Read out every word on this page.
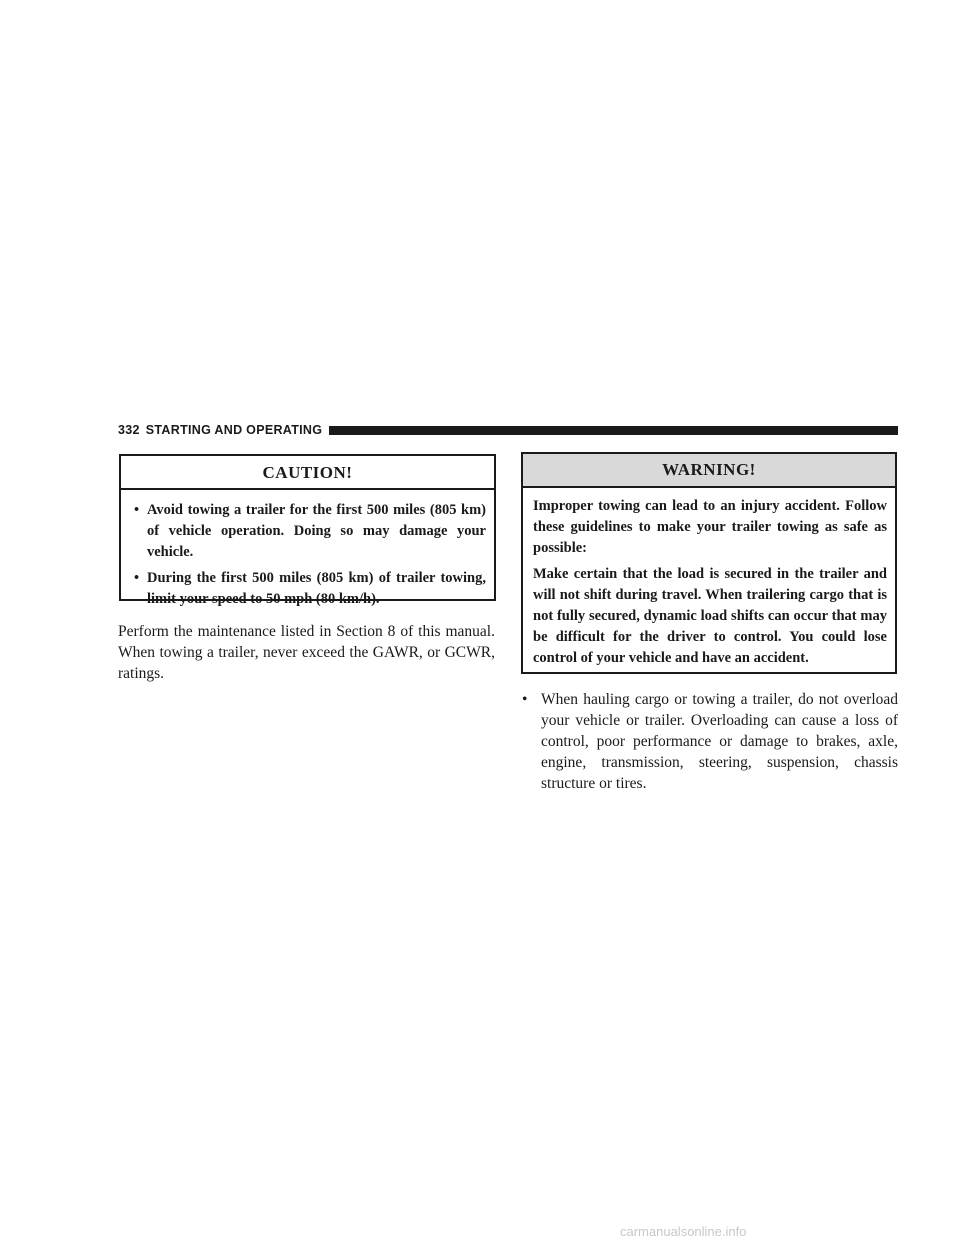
332 STARTING AND OPERATING
CAUTION!
• Avoid towing a trailer for the first 500 miles (805 km) of vehicle operation. Doing so may damage your vehicle.
• During the first 500 miles (805 km) of trailer towing, limit your speed to 50 mph (80 km/h).

Perform the maintenance listed in Section 8 of this manual. When towing a trailer, never exceed the GAWR, or GCWR, ratings.

WARNING!

Improper towing can lead to an injury accident. Follow these guidelines to make your trailer towing as safe as possible:

Make certain that the load is secured in the trailer and will not shift during travel. When trailering cargo that is not fully secured, dynamic load shifts can occur that may be difficult for the driver to control. You could lose control of your vehicle and have an accident.

• When hauling cargo or towing a trailer, do not overload your vehicle or trailer. Overloading can cause a loss of control, poor performance or damage to brakes, axle, engine, transmission, steering, suspension, chassis structure or tires.

carmanualsonline.info
